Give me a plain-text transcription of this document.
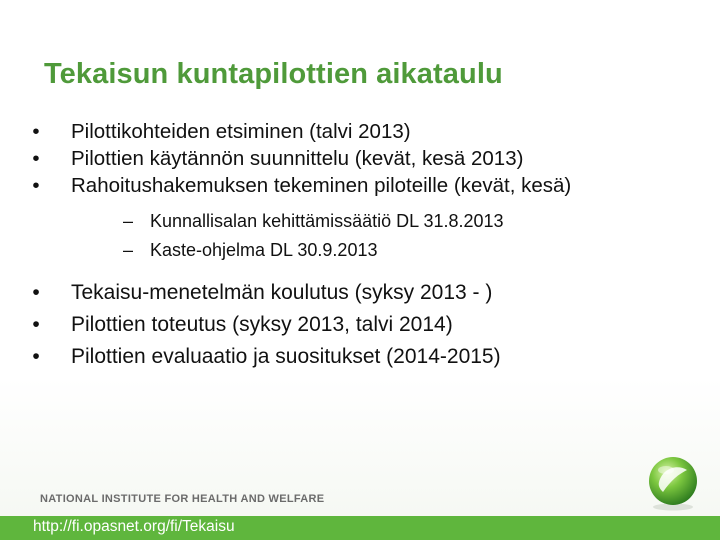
Tekaisun kuntapilottien aikataulu
•	Pilottikohteiden etsiminen (talvi 2013)
•	Pilottien käytännön suunnittelu (kevät, kesä 2013)
•	Rahoitushakemuksen tekeminen piloteille (kevät, kesä)
– Kunnallisalan kehittämissäätiö DL 31.8.2013
– Kaste-ohjelma DL 30.9.2013
•	Tekaisu-menetelmän koulutus (syksy 2013 - )
•	Pilottien toteutus (syksy 2013, talvi 2014)
•	Pilottien evaluaatio ja suositukset (2014-2015)
NATIONAL INSTITUTE FOR HEALTH AND WELFARE
http://fi.opasnet.org/fi/Tekaisu
